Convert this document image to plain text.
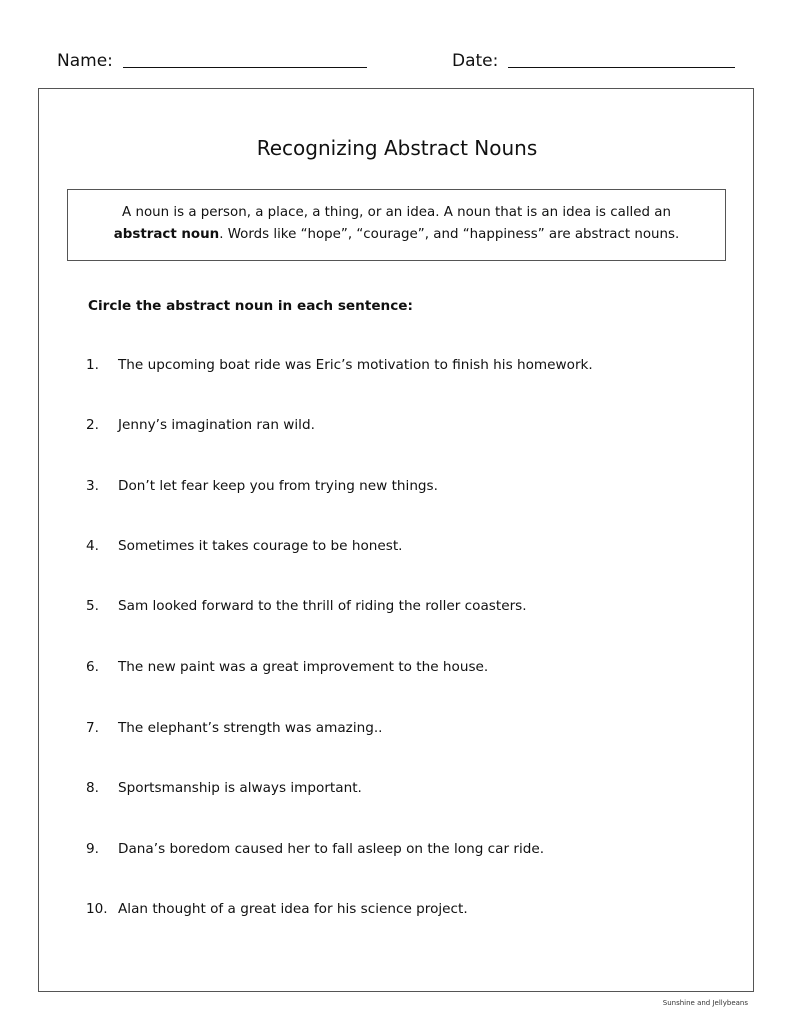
Name:	Date:
Recognizing Abstract Nouns
A noun is a person, a place, a thing, or an idea. A noun that is an idea is called an
abstract noun. Words like “hope”, “courage”, and “happiness” are abstract nouns.
Circle the abstract noun in each sentence:
1.	The upcoming boat ride was Eric’s motivation to finish his homework.
2.	Jenny’s imagination ran wild.
3.	Don’t let fear keep you from trying new things.
4.	Sometimes it takes courage to be honest.
5.	Sam looked forward to the thrill of riding the roller coasters.
6.	The new paint was a great improvement to the house.
7.	The elephant’s strength was amazing..
8.	Sportsmanship is always important.
9.	Dana’s boredom caused her to fall asleep on the long car ride.
10. Alan thought of a great idea for his science project.
Sunshine and Jellybeans
